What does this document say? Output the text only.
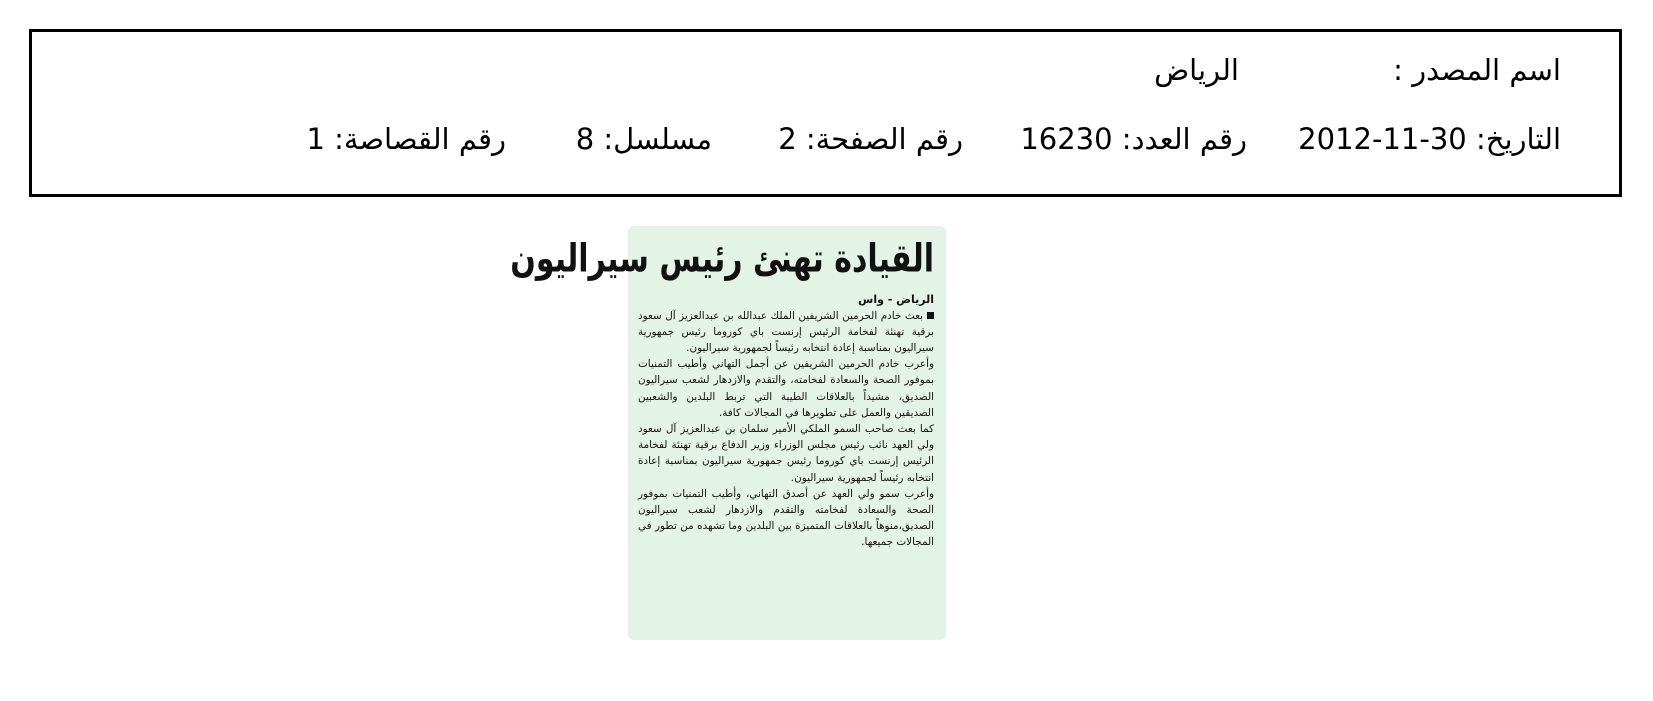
اسم المصدر :
الرياض
التاريخ: 30-11-2012
رقم العدد: 16230
رقم الصفحة: 2
مسلسل: 8
رقم القصاصة: 1
القيادة تهنئ رئيس سيراليون
الرياض - واس

بعث خادم الحرمين الشريفين الملك عبدالله بن عبدالعزيز آل سعود برقية تهنئة لفخامة الرئيس إرنست باي كوروما رئيس جمهورية سيراليون بمناسبة إعادة انتخابه رئيساً لجمهورية سيراليون.

وأعرب خادم الحرمين الشريفين عن أجمل التهاني وأطيب التمنيات بموفور الصحة والسعادة لفخامته، والتقدم والازدهار لشعب سيراليون الصديق، مشيداً بالعلاقات الطيبة التي تربط البلدين والشعبين الصديقين والعمل على تطويرها في المجالات كافة.

كما بعث صاحب السمو الملكي الأمير سلمان بن عبدالعزيز آل سعود ولي العهد نائب رئيس مجلس الوزراء وزير الدفاع برقية تهنئة لفخامة الرئيس إرنست باي كوروما رئيس جمهورية سيراليون بمناسبة إعادة انتخابه رئيساً لجمهورية سيراليون.

وأعرب سمو ولي العهد عن أصدق التهاني، وأطيب التمنيات بموفور الصحة والسعادة لفخامته والتقدم والازدهار لشعب سيراليون الصديق،منوهاً بالعلاقات المتميزة بين البلدين وما تشهده من تطور في المجالات جميعها.
